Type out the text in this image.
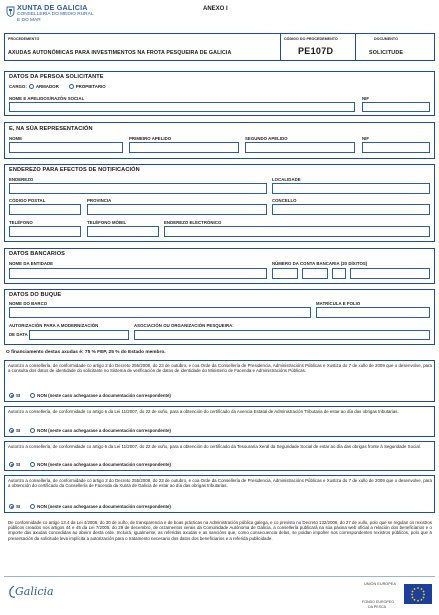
XUNTA DE GALICIA
CONSELLERÍA DO MEDIO RURAL
E DO MAR
ANEXO I
PROCEDEMENTO
AXUDAS AUTONÓMICAS PARA INVESTIMENTOS NA FROTA PESQUEIRA DE GALICIA
CÓDIGO DO PROCEDEMENTO
PE107D
DOCUMENTO
SOLICITUDE
DATOS DA PERSOA SOLICITANTE
CARGO: ARMADOR	PROPIETARIO
NOME E APELIDOS/RAZÓN SOCIAL	NIF
E, NA SÚA REPRESENTACIÓN
NOME	PRIMEIRO APELIDO	SEGUNDO APELIDO	NIF
ENDEREZO PARA EFECTOS DE NOTIFICACIÓN
ENDEREZO	LOCALIDADE
CÓDIGO POSTAL	PROVINCIA	CONCELLO
TELÉFONO	TELÉFONO MÓBIL	ENDEREZO ELECTRÓNICO
DATOS BANCARIOS
NOME DA ENTIDADE	NÚMERO DA CONTA BANCARIA (20 DÍXITOS)
DATOS DO BUQUE
NOME DO BARCO	MATRÍCULA E FOLIO
AUTORIZACIÓN PARA A MODERNIZACIÓN
DE DATA
ASOCIACIÓN OU ORGANIZACIÓN PESQUEIRA:
O financiamento destas axudas é: 75 % FEP, 25 % do Estado membro.
Autorizo a consellería, de conformidade co artigo 2 do Decreto 255/2008, do 23 de outubro, e coa Orde da Consellería de Presidencia, Administracións Públicas e Xustiza do 7 de xullo de 2009 que o desenvolve, para a consulta dos datos de identidade do solicitante no Sistema de verificación de datos de identidade do Ministerio de Facenda e Administracións Públicas.
SI	NON (neste caso achegarase a documentación correspondente)
Autorizo a consellería, de conformidade co artigo 6 da Lei 11/2007, do 22 de xuño, para a obtención do certificado da Axencia Estatal de Administración Tributaria de estar ao día das obrigas tributarias.
SI	NON (neste caso achegarase a documentación correspondente)
Autorizo a consellería, de conformidade co artigo 6 da Lei 11/2007, do 22 de xuño, para a obtención do certificado da Tesouraría Xeral da Seguridade Social de estar ao día das obrigas fronte á Seguridade Social.
SI	NON (neste caso achegarase a documentación correspondente)
Autorizo a consellería, de conformidade co artigo 2 do Decreto 255/2008, do 23 de outubro, e coa Orde da Consellería de Presidencia, Administracións Públicas e Xustiza do 7 de xullo de 2009 que o desenvolve, para a obtención do certificado da Consellería de Facenda da Xunta de Galicia de estar ao día das obrigas tributarias.
SI	NON (neste caso achegarase a documentación correspondente)
De conformidade co artigo 13.4 da Lei 4/2006, do 30 de xuño, de transparencia e de boas prácticas na Administración pública galega, e co previsto no Decreto 132/2006, do 27 de xullo, polo que se regulan os rexistros públicos creados nos artigos 44 e 45 da Lei 7/2005, do 29 de decembro, de orzamentos xerais da Comunidade Autónoma de Galicia, a consellería publicará na súa páxina web oficial a relación dos beneficiarios e o importe das axudas concedidas ao abeiro desta orde. Incluirá, igualmente, as referidas axudas e as sancións que, como consecuencia delas, se poidan impoñer nos correspondentes rexistros públicos, polo que a presentación da solicitude leva implícita a autorización para o tratamento necesario dos datos dos beneficiarios e a referida publicidade.
Galicia
UNIÓN EUROPEA
FONDO EUROPEO
DA PESCA
